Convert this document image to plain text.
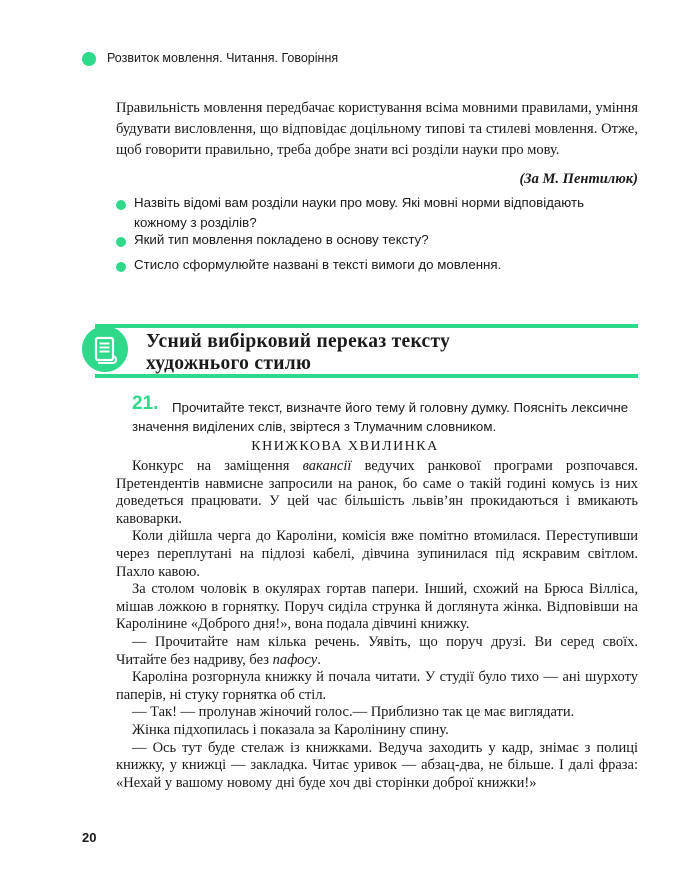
Розвиток мовлення. Читання. Говоріння
Правильність мовлення передбачає користування всіма мовними правилами, уміння будувати висловлення, що відповідає доцільному типові та стилеві мовлення. Отже, щоб говорити правильно, треба добре знати всі розділи науки про мову.
(За М. Пентилюк)
Назвіть відомі вам розділи науки про мову. Які мовні норми відповідають кожному з розділів?
Який тип мовлення покладено в основу тексту?
Стисло сформулюйте названі в тексті вимоги до мовлення.
Усний вибірковий переказ тексту
художнього стилю
21.	Прочитайте текст, визначте його тему й головну думку. Поясніть лексичне значення виділених слів, звіртеся з Тлумачним словником.
КНИЖКОВА ХВИЛИНКА

Конкурс на заміщення вакансії ведучих ранкової програми розпочався. Претендентів навмисне запросили на ранок, бо саме о такій годині комусь із них доведеться працювати. У цей час більшість львів’ян прокидаються і вмикають кавоварки.

Коли дійшла черга до Кароліни, комісія вже помітно втомилася. Переступивши через переплутані на підлозі кабелі, дівчина зупинилася під яскравим світлом. Пахло кавою.

За столом чоловік в окулярах гортав папери. Інший, схожий на Брюса Вілліса, мішав ложкою в горнятку. Поруч сиділа струнка й доглянута жінка. Відповівши на Каролінине «Доброго дня!», вона подала дівчині книжку.

— Прочитайте нам кілька речень. Уявіть, що поруч друзі. Ви серед своїх. Читайте без надриву, без пафосу.

Кароліна розгорнула книжку й почала читати. У студії було тихо — ані шурхоту паперів, ні стуку горнятка об стіл.

— Так! — пролунав жіночий голос.— Приблизно так це має виглядати.

Жінка підхопилась і показала за Каролінину спину.

— Ось тут буде стелаж із книжками. Ведуча заходить у кадр, знімає з полиці книжку, у книжці — закладка. Читає уривок — абзац-два, не більше. І далі фраза: «Нехай у вашому новому дні буде хоч дві сторінки доброї книжки!»

20
